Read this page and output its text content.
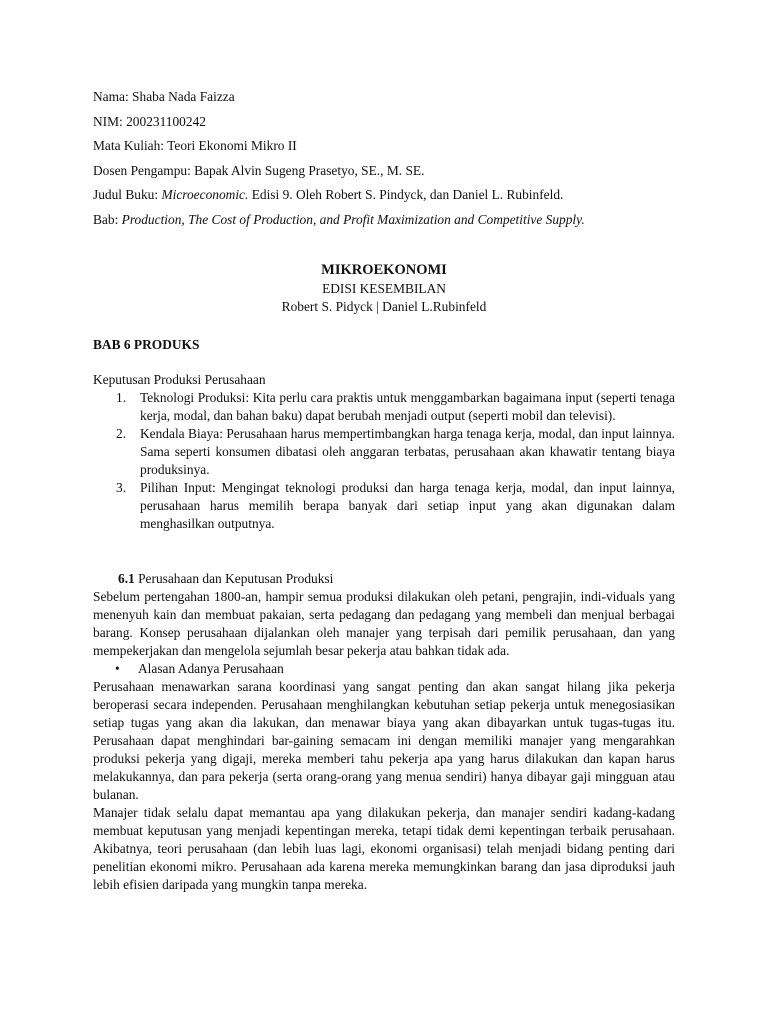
Nama: Shaba Nada Faizza

NIM: 200231100242

Mata Kuliah: Teori Ekonomi Mikro II

Dosen Pengampu: Bapak Alvin Sugeng Prasetyo, SE., M. SE.

Judul Buku: Microeconomic. Edisi 9. Oleh Robert S. Pindyck, dan Daniel L. Rubinfeld.

Bab: Production, The Cost of Production, and Profit Maximization and Competitive Supply.

MIKROEKONOMI
EDISI KESEMBILAN
Robert S. Pidyck | Daniel L.Rubinfeld
BAB 6 PRODUKS
Keputusan Produksi Perusahaan
1. Teknologi Produksi: Kita perlu cara praktis untuk menggambarkan bagaimana input (seperti tenaga kerja, modal, dan bahan baku) dapat berubah menjadi output (seperti mobil dan televisi).
2. Kendala Biaya: Perusahaan harus mempertimbangkan harga tenaga kerja, modal, dan input lainnya. Sama seperti konsumen dibatasi oleh anggaran terbatas, perusahaan akan khawatir tentang biaya produksinya.
3. Pilihan Input: Mengingat teknologi produksi dan harga tenaga kerja, modal, dan input lainnya, perusahaan harus memilih berapa banyak dari setiap input yang akan digunakan dalam menghasilkan outputnya.
6.1 Perusahaan dan Keputusan Produksi

Sebelum pertengahan 1800-an, hampir semua produksi dilakukan oleh petani, pengrajin, indi-viduals yang menenyuh kain dan membuat pakaian, serta pedagang dan pedagang yang membeli dan menjual berbagai barang. Konsep perusahaan dijalankan oleh manajer yang terpisah dari pemilik perusahaan, dan yang mempekerjakan dan mengelola sejumlah besar pekerja atau bahkan tidak ada.

• Alasan Adanya Perusahaan

Perusahaan menawarkan sarana koordinasi yang sangat penting dan akan sangat hilang jika pekerja beroperasi secara independen. Perusahaan menghilangkan kebutuhan setiap pekerja untuk menegosiasikan setiap tugas yang akan dia lakukan, dan menawar biaya yang akan dibayarkan untuk tugas-tugas itu. Perusahaan dapat menghindari bar-gaining semacam ini dengan memiliki manajer yang mengarahkan produksi pekerja yang digaji, mereka memberi tahu pekerja apa yang harus dilakukan dan kapan harus melakukannya, dan para pekerja (serta orang-orang yang menua sendiri) hanya dibayar gaji mingguan atau bulanan.

Manajer tidak selalu dapat memantau apa yang dilakukan pekerja, dan manajer sendiri kadang-kadang membuat keputusan yang menjadi kepentingan mereka, tetapi tidak demi kepentingan terbaik perusahaan. Akibatnya, teori perusahaan (dan lebih luas lagi, ekonomi organisasi) telah menjadi bidang penting dari penelitian ekonomi mikro. Perusahaan ada karena mereka memungkinkan barang dan jasa diproduksi jauh lebih efisien daripada yang mungkin tanpa mereka.
